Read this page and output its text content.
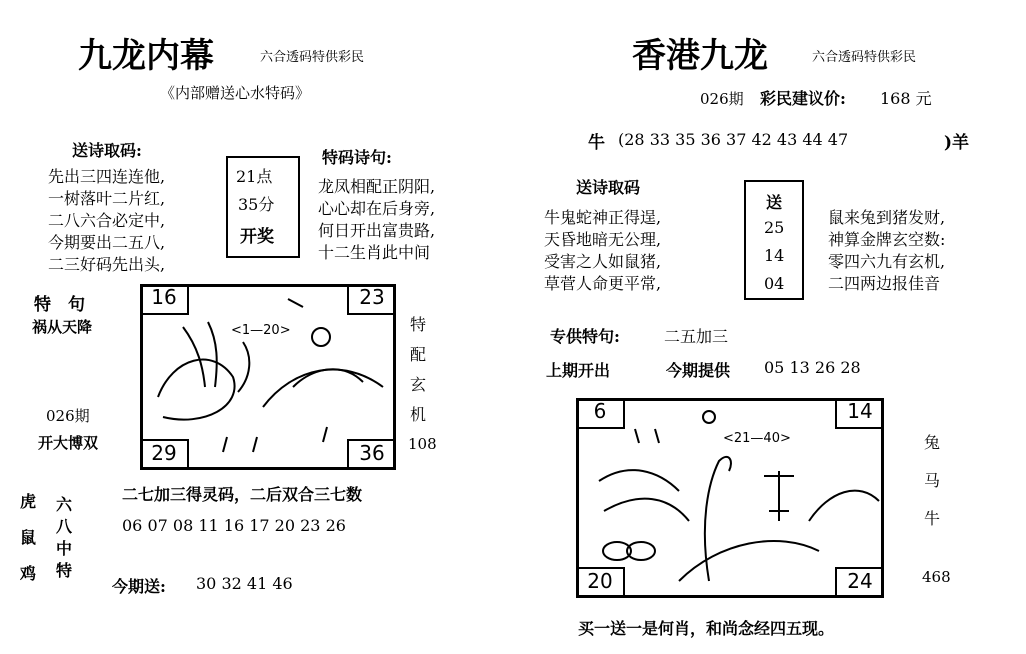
九龙内幕	六合透码特供彩民
《内部赠送心水特码》
送诗取码:
先出三四连连他,
一树落叶二片红,
二八六合必定中,
今期要出二五八,
二三好码先出头,
21点
35分
开奖
特码诗句:
龙凤相配正阴阳,
心心却在后身旁,
何日开出富贵路,
十二生肖此中间
特　句
祸从天降
026期
开大博双
16	23
29	36
<1—20>	特
配
玄
机
108
虎
鼠
鸡
六
八
中
特
二七加三得灵码，二后双合三七数
06 07 08 11 16 17 20 23 26
今期送: 30 32 41 46
香港九龙	六合透码特供彩民
026期 彩民建议价: 168 元
牛 (28 33 35 36 37 42 43 44 47	)羊
送诗取码
牛鬼蛇神正得逞,
天昏地暗无公理,
受害之人如鼠猪,
草菅人命更平常,
送
25
14
04
鼠来兔到猪发财,
神算金牌玄空数:
零四六九有玄机,
二四两边报佳音
专供特句:	二五加三
上期开出	今期提供 05 13 26 28
6	14
20	24
<21—40>	兔
马
牛
468
买一送一是何肖，和尚念经四五现。
